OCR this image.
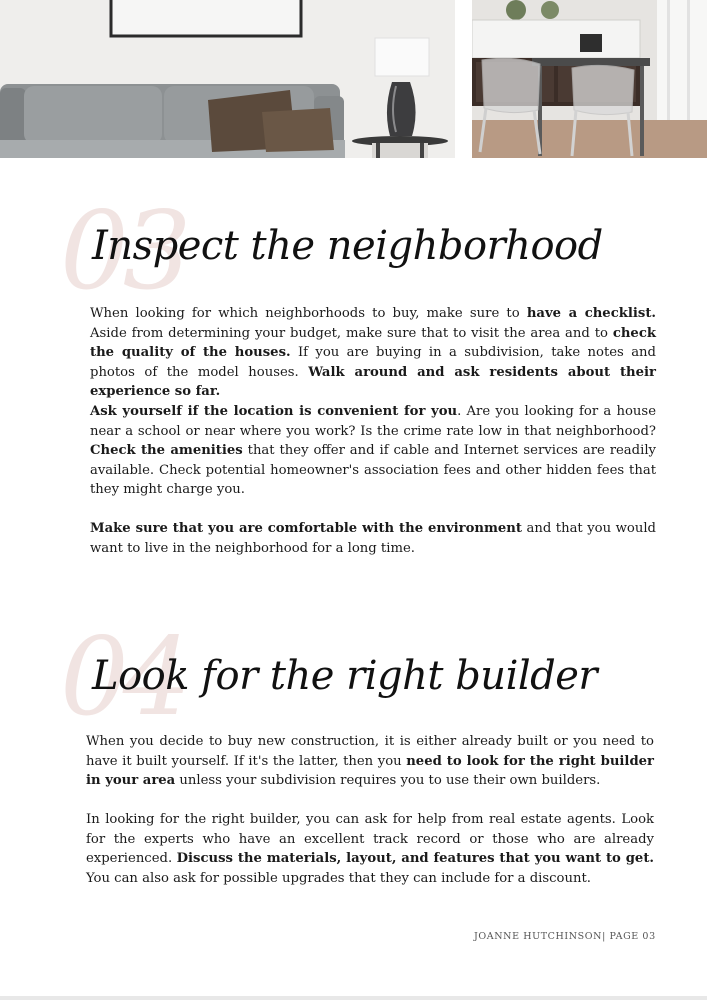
03
Inspect the neighborhood

When looking for which neighborhoods to buy, make sure to have a checklist. Aside from determining your budget, make sure that to visit the area and to check the quality of the houses. If you are buying in a subdivision, take notes and photos of the model houses. Walk around and ask residents about their experience so far.

Ask yourself if the location is convenient for you. Are you looking for a house near a school or near where you work? Is the crime rate low in that neighborhood? Check the amenities that they offer and if cable and Internet services are readily available. Check potential homeowner's association fees and other hidden fees that they might charge you.

Make sure that you are comfortable with the environment and that you would want to live in the neighborhood for a long time.

04
Look for the right builder

When you decide to buy new construction, it is either already built or you need to have it built yourself. If it's the latter, then you need to look for the right builder in your area unless your subdivision requires you to use their own builders.

In looking for the right builder, you can ask for help from real estate agents. Look for the experts who have an excellent track record or those who are already experienced. Discuss the materials, layout, and features that you want to get. You can also ask for possible upgrades that they can include for a discount.

JOANNE HUTCHINSON| PAGE 03
